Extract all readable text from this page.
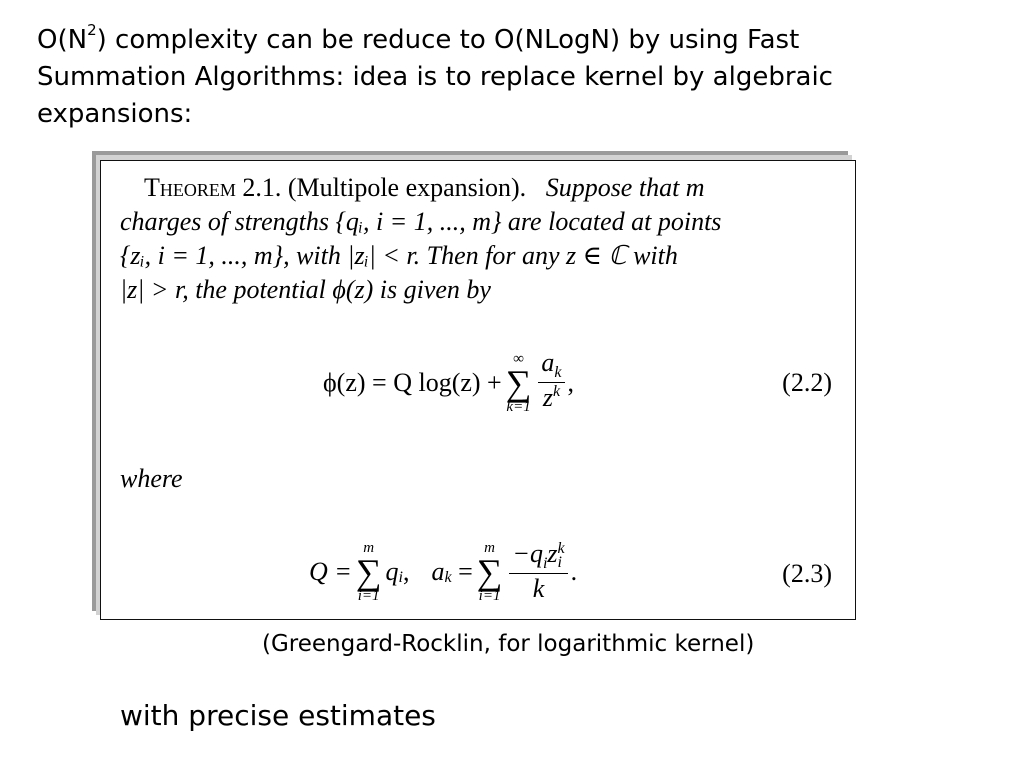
$O(N^2)$ complexity can be reduce to O(NLogN) by using Fast

Summation Algorithms: idea is to replace kernel by algebraic

expansions:

Theorem 2.1. (Multipole expansion). Suppose that m

charges of strengths {qᵢ, i = 1, ..., m} are located at points

{zᵢ, i = 1, ..., m}, with |zᵢ| < r. Then for any z ∈ ℂ with

|z| > r, the potential ϕ(z) is given by

ϕ(z) = Q log(z) +
∞
∑
$k=1 \frac{a_k}{z^k}$ ,	(2.2)
where
Q =
m
∑
i=1
q i , a k
=
m
∑
$i=1 -q_iz$ k
i
k .	(2.3)
(Greengard-Rocklin, for logarithmic kernel)
with precise estimates
